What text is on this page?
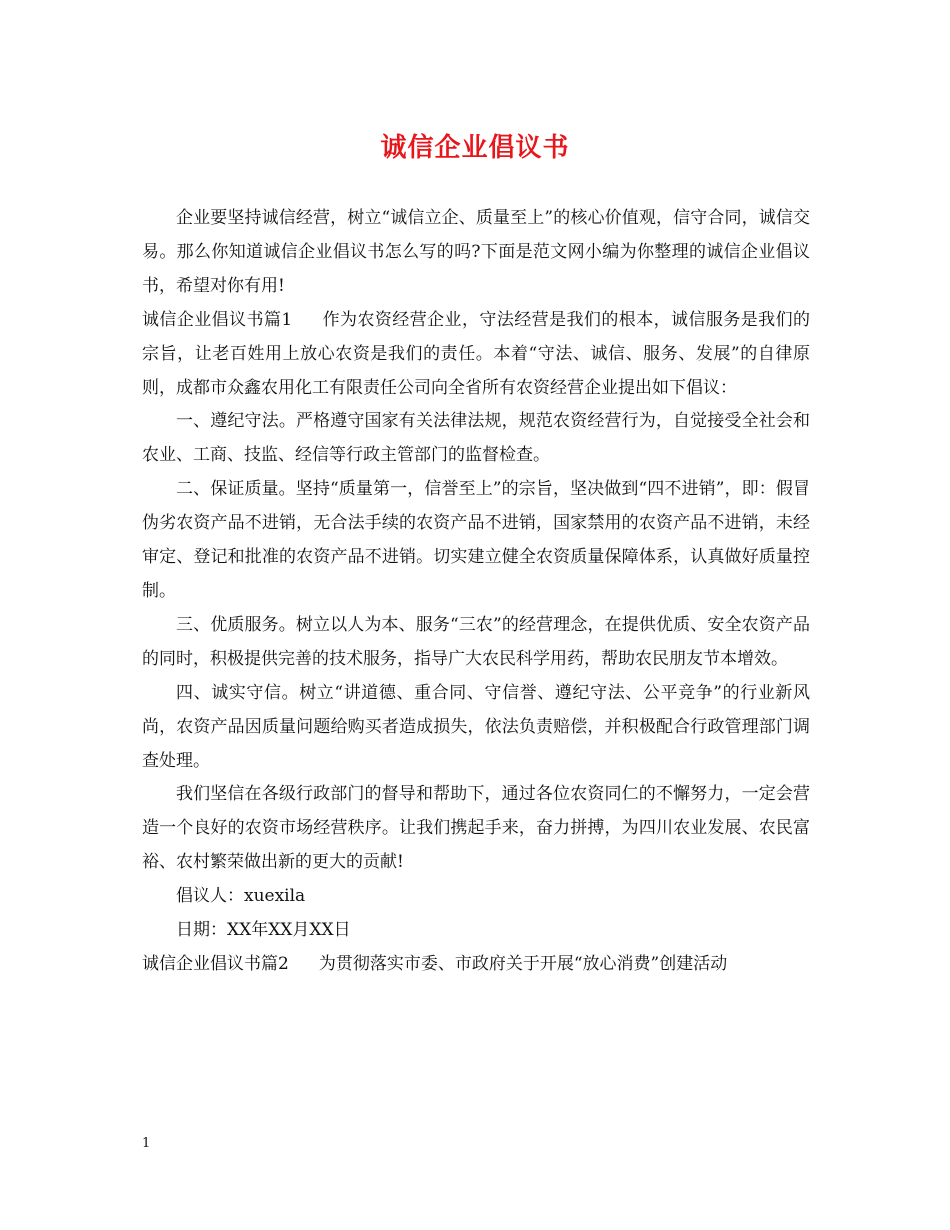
诚信企业倡议书

企业要坚持诚信经营，树立“诚信立企、质量至上”的核心价值观，信守合同，诚信交易。那么你知道诚信企业倡议书怎么写的吗?下面是范文网小编为你整理的诚信企业倡议书，希望对你有用!

诚信企业倡议书篇1 作为农资经营企业，守法经营是我们的根本，诚信服务是我们的宗旨，让老百姓用上放心农资是我们的责任。本着“守法、诚信、服务、发展”的自律原则，成都市众鑫农用化工有限责任公司向全省所有农资经营企业提出如下倡议：

一、遵纪守法。严格遵守国家有关法律法规，规范农资经营行为，自觉接受全社会和农业、工商、技监、经信等行政主管部门的监督检查。

二、保证质量。坚持“质量第一，信誉至上”的宗旨，坚决做到“四不进销”，即：假冒伪劣农资产品不进销，无合法手续的农资产品不进销，国家禁用的农资产品不进销，未经审定、登记和批准的农资产品不进销。切实建立健全农资质量保障体系，认真做好质量控制。

三、优质服务。树立以人为本、服务“三农”的经营理念，在提供优质、安全农资产品的同时，积极提供完善的技术服务，指导广大农民科学用药，帮助农民朋友节本增效。

四、诚实守信。树立“讲道德、重合同、守信誉、遵纪守法、公平竞争”的行业新风尚，农资产品因质量问题给购买者造成损失，依法负责赔偿，并积极配合行政管理部门调查处理。

我们坚信在各级行政部门的督导和帮助下，通过各位农资同仁的不懈努力，一定会营造一个良好的农资市场经营秩序。让我们携起手来，奋力拼搏，为四川农业发展、农民富裕、农村繁荣做出新的更大的贡献!

倡议人：xuexila

日期：XX年XX月XX日

诚信企业倡议书篇2 为贯彻落实市委、市政府关于开展“放心消费”创建活动

1
